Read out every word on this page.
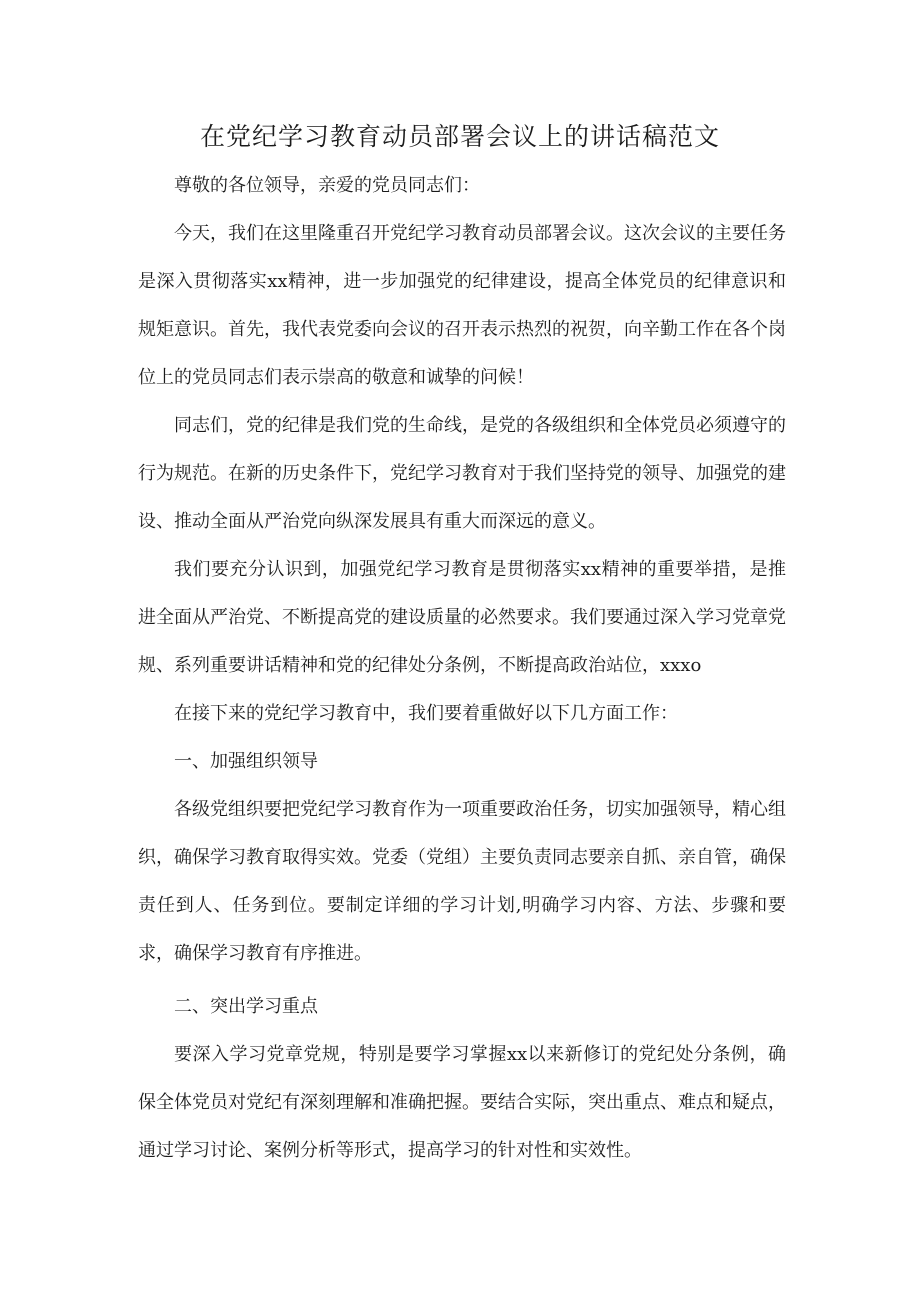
在党纪学习教育动员部署会议上的讲话稿范文

尊敬的各位领导，亲爱的党员同志们：

今天，我们在这里隆重召开党纪学习教育动员部署会议。这次会议的主要任务是深入贯彻落实xx精神，进一步加强党的纪律建设，提高全体党员的纪律意识和规矩意识。首先，我代表党委向会议的召开表示热烈的祝贺，向辛勤工作在各个岗位上的党员同志们表示崇高的敬意和诚挚的问候！

同志们，党的纪律是我们党的生命线，是党的各级组织和全体党员必须遵守的行为规范。在新的历史条件下，党纪学习教育对于我们坚持党的领导、加强党的建设、推动全面从严治党向纵深发展具有重大而深远的意义。

我们要充分认识到，加强党纪学习教育是贯彻落实xx精神的重要举措，是推进全面从严治党、不断提高党的建设质量的必然要求。我们要通过深入学习党章党规、系列重要讲话精神和党的纪律处分条例，不断提高政治站位，xxxo

在接下来的党纪学习教育中，我们要着重做好以下几方面工作：

一、加强组织领导

各级党组织要把党纪学习教育作为一项重要政治任务，切实加强领导，精心组织，确保学习教育取得实效。党委（党组）主要负责同志要亲自抓、亲自管，确保责任到人、任务到位。要制定详细的学习计划,明确学习内容、方法、步骤和要求，确保学习教育有序推进。

二、突出学习重点

要深入学习党章党规，特别是要学习掌握xx以来新修订的党纪处分条例，确保全体党员对党纪有深刻理解和准确把握。要结合实际，突出重点、难点和疑点，通过学习讨论、案例分析等形式，提高学习的针对性和实效性。
